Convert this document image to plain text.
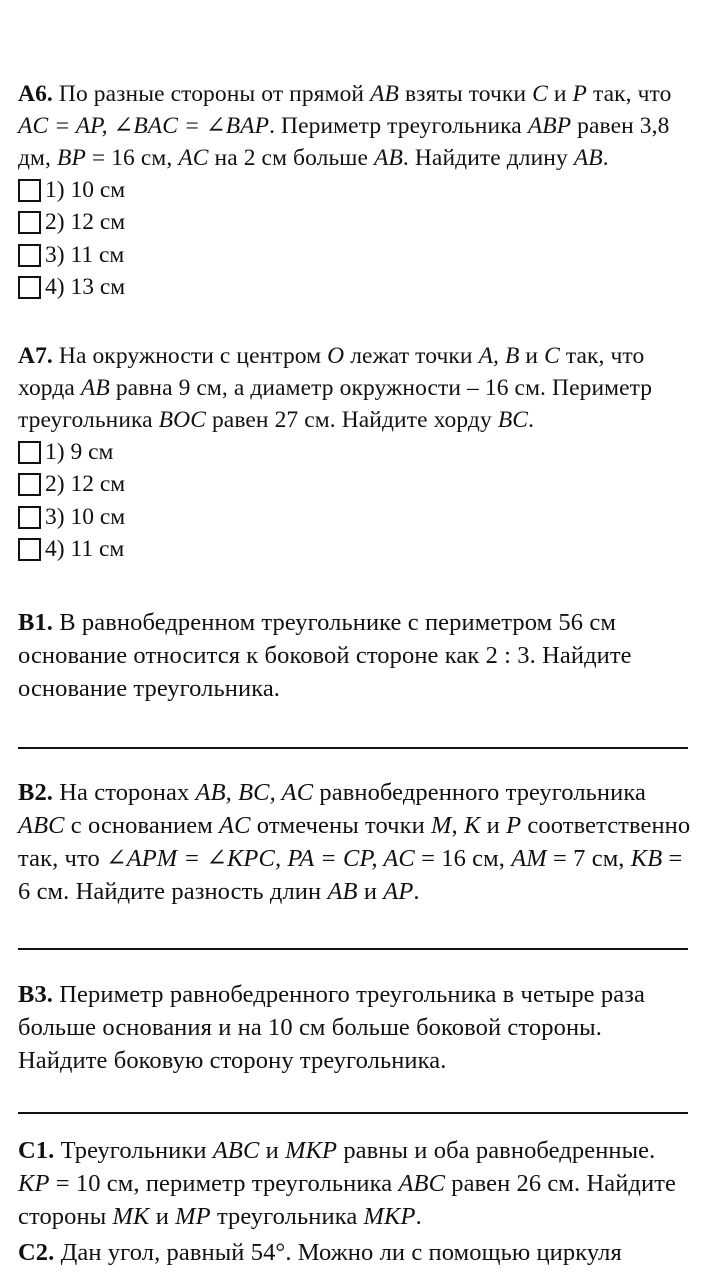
А6. По разные стороны от прямой AB взяты точки C и P так, что AC = AP, ∠BAC = ∠BAP. Периметр треугольника ABP равен 3,8 дм, BP = 16 см, AC на 2 см больше AB. Найдите длину AB.

1) 10 см
2) 12 см
3) 11 см
4) 13 см

А7. На окружности с центром O лежат точки A, B и C так, что хорда AB равна 9 см, а диаметр окружности – 16 см. Периметр треугольника BOC равен 27 см. Найдите хорду BC.

1) 9 см
2) 12 см
3) 10 см
4) 11 см

В1. В равнобедренном треугольнике с периметром 56 см основание относится к боковой стороне как 2 : 3. Найдите основание треугольника.

В2. На сторонах AB, BC, AC равнобедренного треугольника ABC с основанием AC отмечены точки M, K и P соответственно так, что ∠APM = ∠KPC, PA = CP, AC = 16 см, AM = 7 см, KB = 6 см. Найдите разность длин AB и AP.

В3. Периметр равнобедренного треугольника в четыре раза больше основания и на 10 см больше боковой стороны. Найдите боковую сторону треугольника.

С1. Треугольники ABC и MKP равны и оба равнобедренные. KP = 10 см, периметр треугольника ABC равен 26 см. Найдите стороны MK и MP треугольника MKP.

С2. Дан угол, равный 54°. Можно ли с помощью циркуля
